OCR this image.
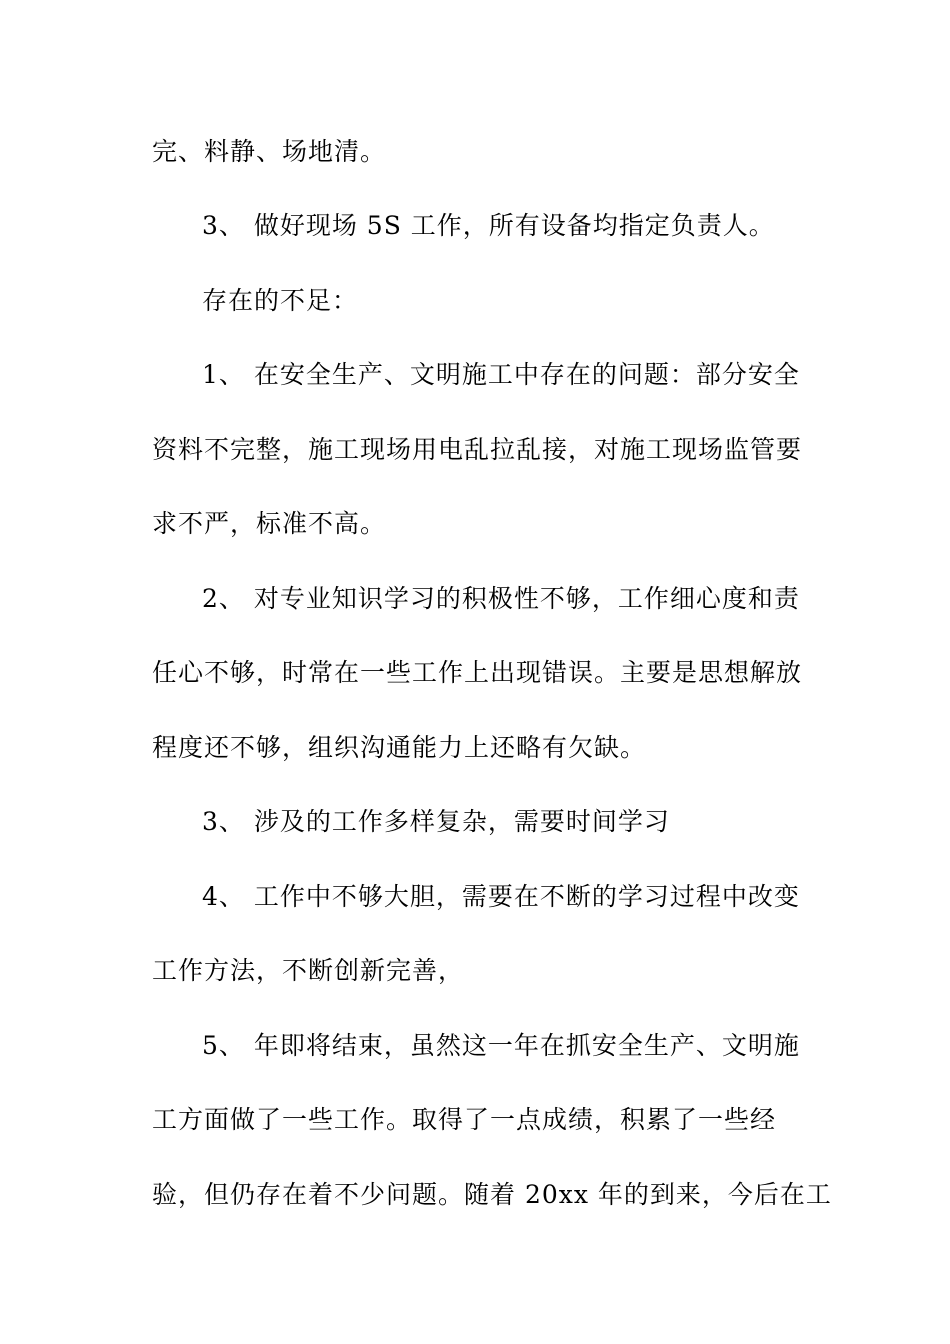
完、料静、场地清。
3、 做好现场 5S 工作，所有设备均指定负责人。
存在的不足：
1、 在安全生产、文明施工中存在的问题：部分安全
资料不完整，施工现场用电乱拉乱接，对施工现场监管要
求不严，标准不高。
2、 对专业知识学习的积极性不够，工作细心度和责
任心不够，时常在一些工作上出现错误。主要是思想解放
程度还不够，组织沟通能力上还略有欠缺。
3、 涉及的工作多样复杂，需要时间学习
4、 工作中不够大胆，需要在不断的学习过程中改变
工作方法，不断创新完善，
5、 年即将结束，虽然这一年在抓安全生产、文明施
工方面做了一些工作。取得了一点成绩，积累了一些经
验，但仍存在着不少问题。随着 20xx 年的到来，今后在工
